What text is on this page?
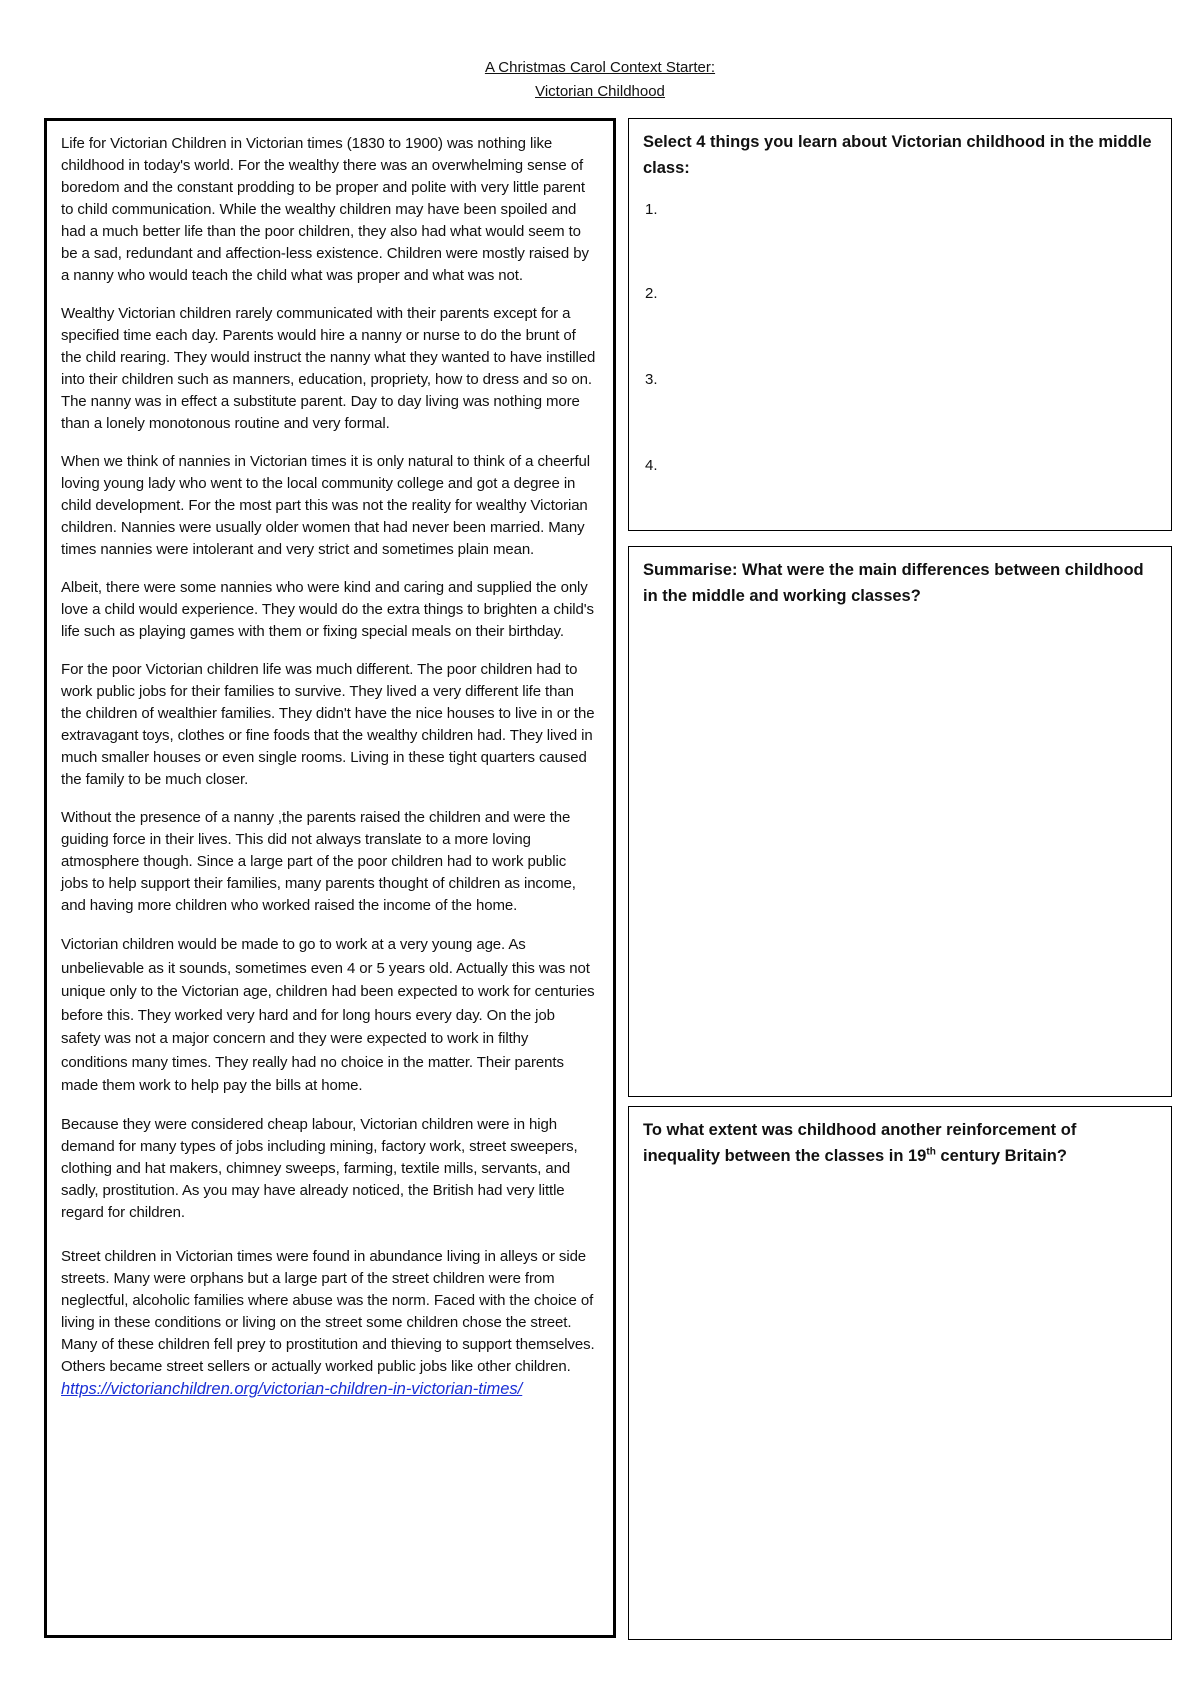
A Christmas Carol Context Starter:
Victorian Childhood

Life for Victorian Children in Victorian times (1830 to 1900) was nothing like childhood in today's world. For the wealthy there was an overwhelming sense of boredom and the constant prodding to be proper and polite with very little parent to child communication. While the wealthy children may have been spoiled and had a much better life than the poor children, they also had what would seem to be a sad, redundant and affection-less existence. Children were mostly raised by a nanny who would teach the child what was proper and what was not.

Wealthy Victorian children rarely communicated with their parents except for a specified time each day. Parents would hire a nanny or nurse to do the brunt of the child rearing. They would instruct the nanny what they wanted to have instilled into their children such as manners, education, propriety, how to dress and so on. The nanny was in effect a substitute parent. Day to day living was nothing more than a lonely monotonous routine and very formal.

When we think of nannies in Victorian times it is only natural to think of a cheerful loving young lady who went to the local community college and got a degree in child development. For the most part this was not the reality for wealthy Victorian children. Nannies were usually older women that had never been married. Many times nannies were intolerant and very strict and sometimes plain mean.

Albeit, there were some nannies who were kind and caring and supplied the only love a child would experience. They would do the extra things to brighten a child's life such as playing games with them or fixing special meals on their birthday.

For the poor Victorian children life was much different. The poor children had to work public jobs for their families to survive. They lived a very different life than the children of wealthier families. They didn't have the nice houses to live in or the extravagant toys, clothes or fine foods that the wealthy children had. They lived in much smaller houses or even single rooms. Living in these tight quarters caused the family to be much closer.

Without the presence of a nanny ,the parents raised the children and were the guiding force in their lives. This did not always translate to a more loving atmosphere though. Since a large part of the poor children had to work public jobs to help support their families, many parents thought of children as income, and having more children who worked raised the income of the home.

Victorian children would be made to go to work at a very young age. As unbelievable as it sounds, sometimes even 4 or 5 years old. Actually this was not unique only to the Victorian age, children had been expected to work for centuries before this. They worked very hard and for long hours every day. On the job safety was not a major concern and they were expected to work in filthy conditions many times. They really had no choice in the matter. Their parents made them work to help pay the bills at home.

Because they were considered cheap labour, Victorian children were in high demand for many types of jobs including mining, factory work, street sweepers, clothing and hat makers, chimney sweeps, farming, textile mills, servants, and sadly, prostitution. As you may have already noticed, the British had very little regard for children.

Street children in Victorian times were found in abundance living in alleys or side streets. Many were orphans but a large part of the street children were from neglectful, alcoholic families where abuse was the norm. Faced with the choice of living in these conditions or living on the street some children chose the street. Many of these children fell prey to prostitution and thieving to support themselves. Others became street sellers or actually worked public jobs like other children.

https://victorianchildren.org/victorian-children-in-victorian-times/

Select 4 things you learn about Victorian childhood in the middle class:

1.
2.
3.
4.

Summarise: What were the main differences between childhood in the middle and working classes?

To what extent was childhood another reinforcement of inequality between the classes in 19th century Britain?
